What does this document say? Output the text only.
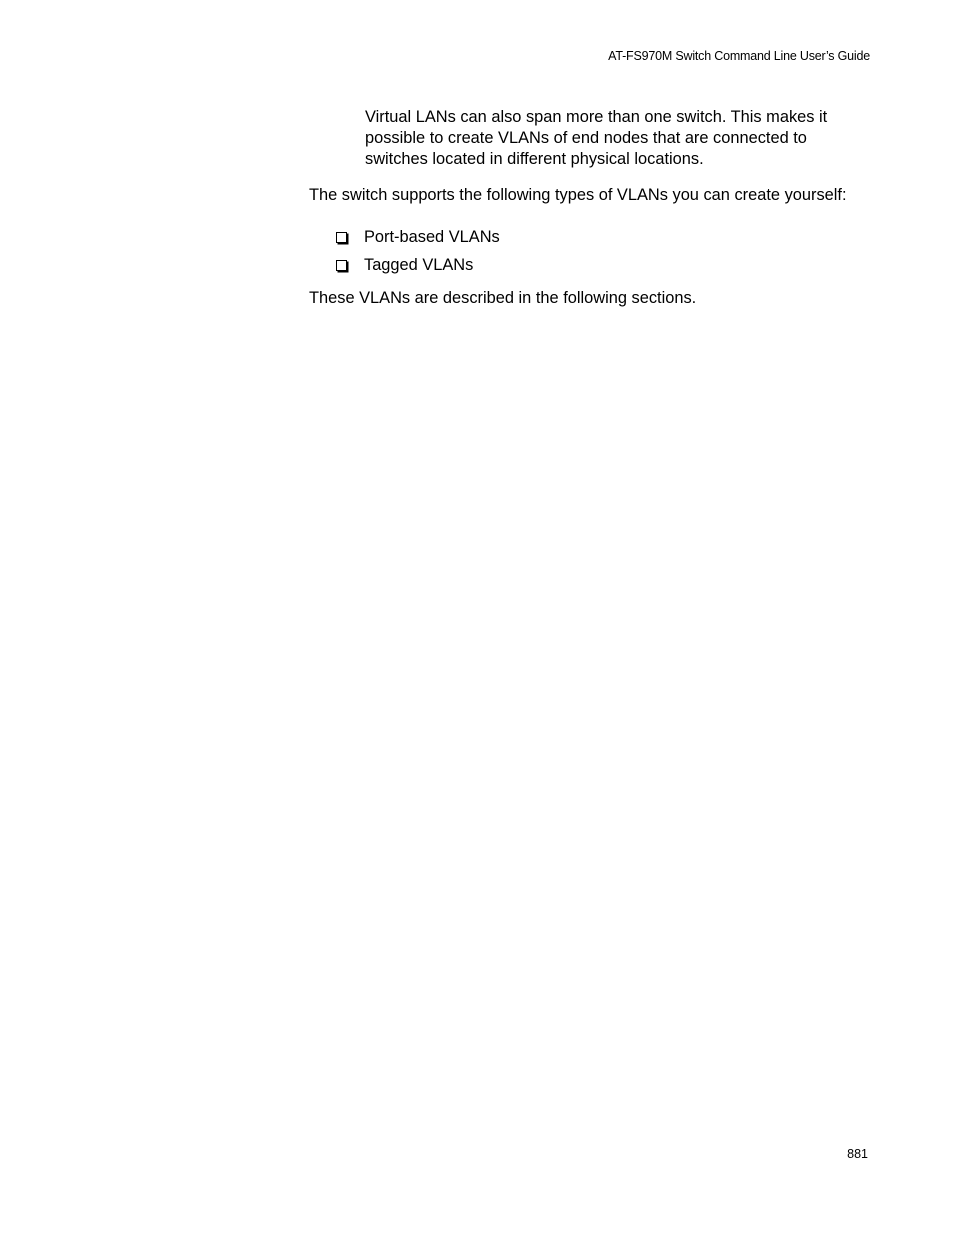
AT-FS970M Switch Command Line User’s Guide

Virtual LANs can also span more than one switch. This makes it possible to create VLANs of end nodes that are connected to switches located in different physical locations.

The switch supports the following types of VLANs you can create yourself:

Port-based VLANs
Tagged VLANs

These VLANs are described in the following sections.

881
